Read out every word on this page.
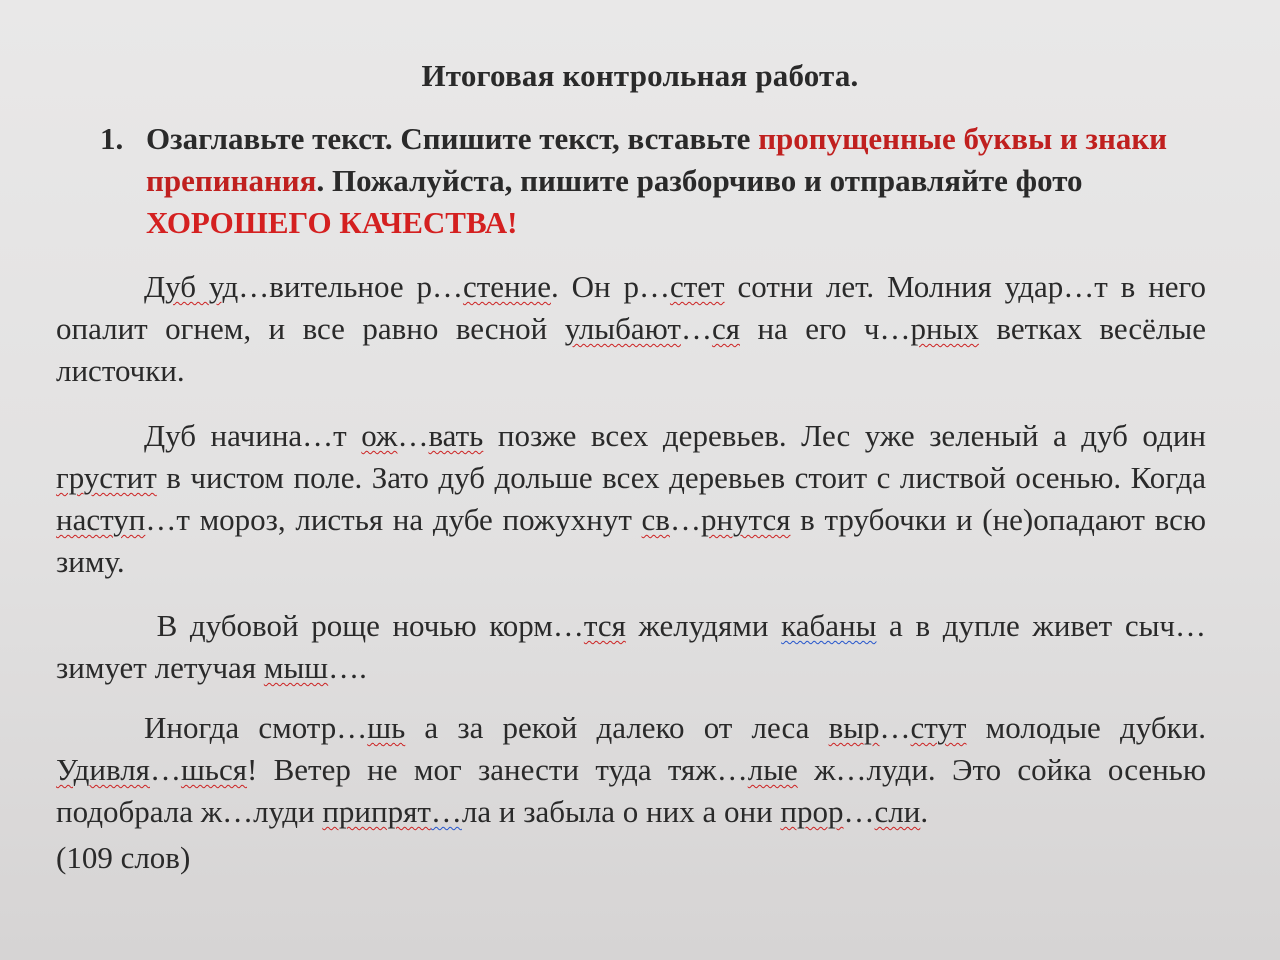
Итоговая контрольная работа.
1. Озаглавьте текст. Спишите текст, вставьте пропущенные буквы и знаки препинания. Пожалуйста, пишите разборчиво и отправляйте фото ХОРОШЕГО КАЧЕСТВА!
Дуб уд…вительное р…стение. Он р…стет сотни лет. Молния удар…т в него опалит огнем, и все равно весной улыбают…ся на его ч…рных ветках весёлые листочки.
Дуб начина…т ож…вать позже всех деревьев. Лес уже зеленый а дуб один грустит в чистом поле. Зато дуб дольше всех деревьев стоит с листвой осенью. Когда наступ…т мороз, листья на дубе пожухнут св…рнутся в трубочки и (не)опадают всю зиму.
В дубовой роще ночью корм…тся желудями кабаны а в дупле живет сыч… зимует летучая мыш….
Иногда смотр…шь а за рекой далеко от леса выр…стут молодые дубки. Удивля…шься! Ветер не мог занести туда тяж…лые ж…луди. Это сойка осенью подобрала ж…луди припрят…ла и забыла о них а они прор…сли.
(109 слов)
